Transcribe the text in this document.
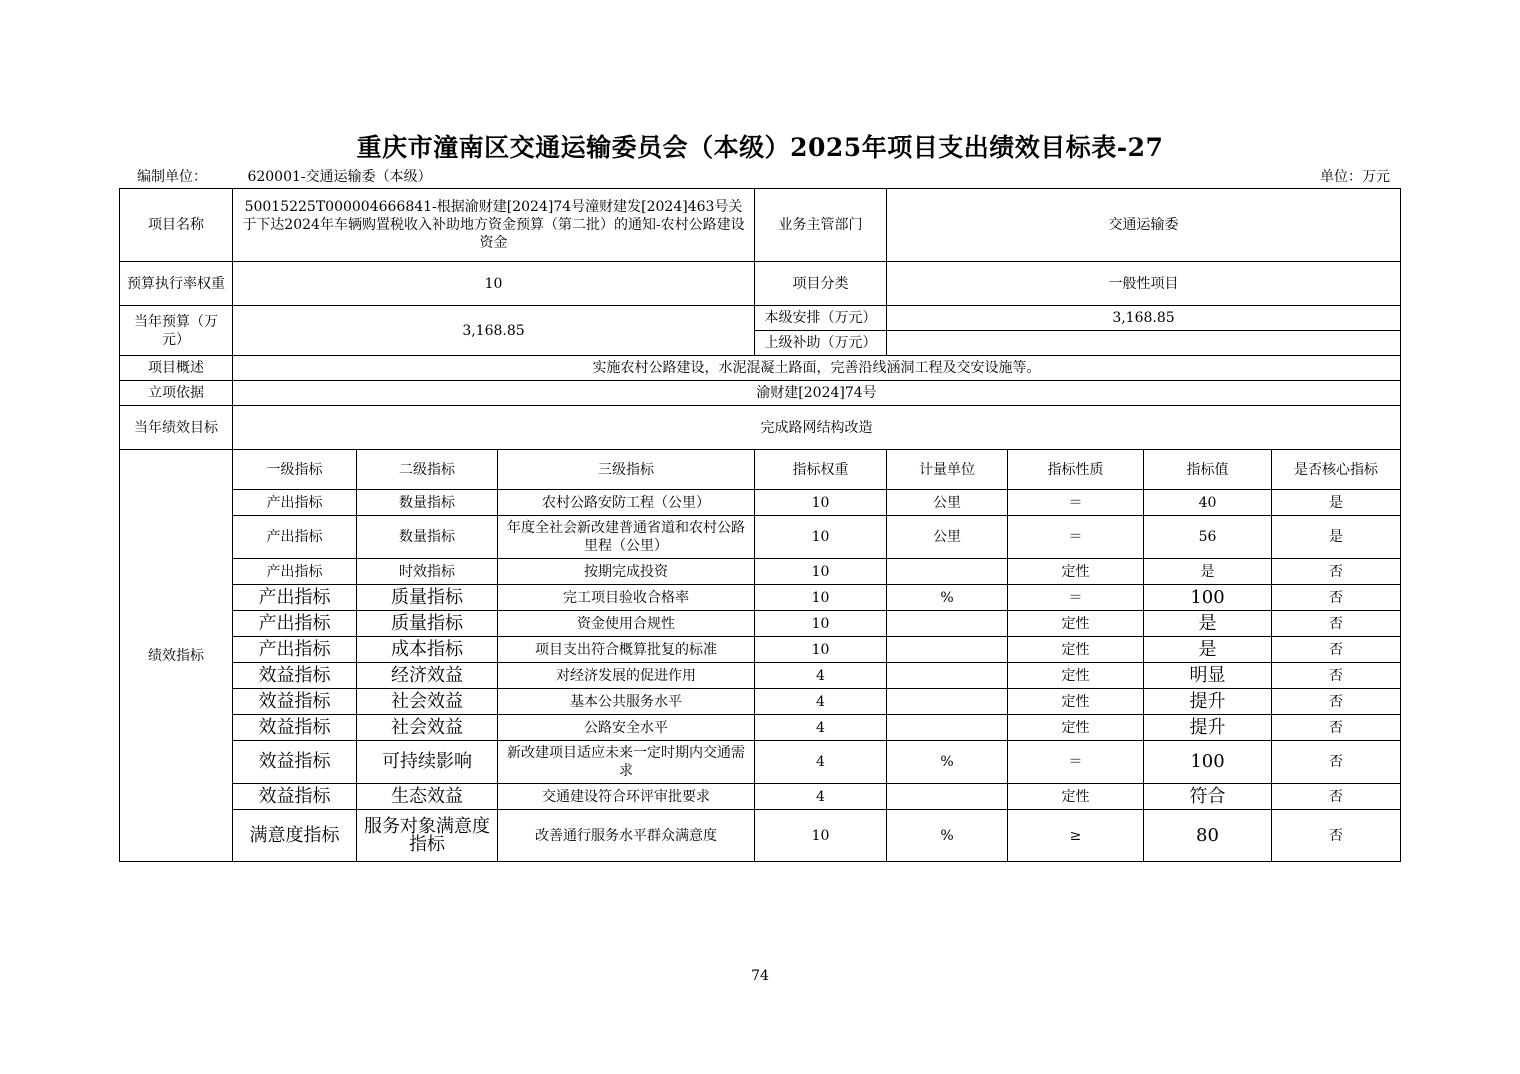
重庆市潼南区交通运输委员会（本级）2025年项目支出绩效目标表-27
编制单位：	620001-交通运输委（本级）	单位：万元
项目名称	50015225T000004666841-根据渝财建[2024]74号潼财建发[2024]463号关于下达2024年车辆购置税收入补助地方资金预算（第二批）的通知-农村公路建设资金			业务主管部门	交通运输委			
预算执行率权重	10			项目分类	一般性项目			
当年预算（万元）	3,168.85			本级安排（万元）	3,168.85			
				上级补助（万元）				
项目概述	实施农村公路建设，水泥混凝土路面，完善沿线涵洞工程及交安设施等。							
立项依据	渝财建[2024]74号							
当年绩效目标	完成路网结构改造							
绩效指标	一级指标	二级指标	三级指标	指标权重	计量单位	指标性质	指标值	是否核心指标
	产出指标	数量指标	农村公路安防工程（公里）	10	公里	＝	40	是
	产出指标	数量指标	年度全社会新改建普通省道和农村公路里程（公里）	10	公里	＝	56	是
	产出指标	时效指标	按期完成投资	10		定性	是	否
	产出指标	质量指标	完工项目验收合格率	10	%	＝	100	否
	产出指标	质量指标	资金使用合规性	10		定性	是	否
	产出指标	成本指标	项目支出符合概算批复的标准	10		定性	是	否
	效益指标	经济效益	对经济发展的促进作用	4		定性	明显	否
	效益指标	社会效益	基本公共服务水平	4		定性	提升	否
	效益指标	社会效益	公路安全水平	4		定性	提升	否
	效益指标	可持续影响	新改建项目适应未来一定时期内交通需求	4	%	＝	100	否
	效益指标	生态效益	交通建设符合环评审批要求	4		定性	符合	否
	满意度指标	服务对象满意度指标	改善通行服务水平群众满意度	10	%	≥	80	否
74
